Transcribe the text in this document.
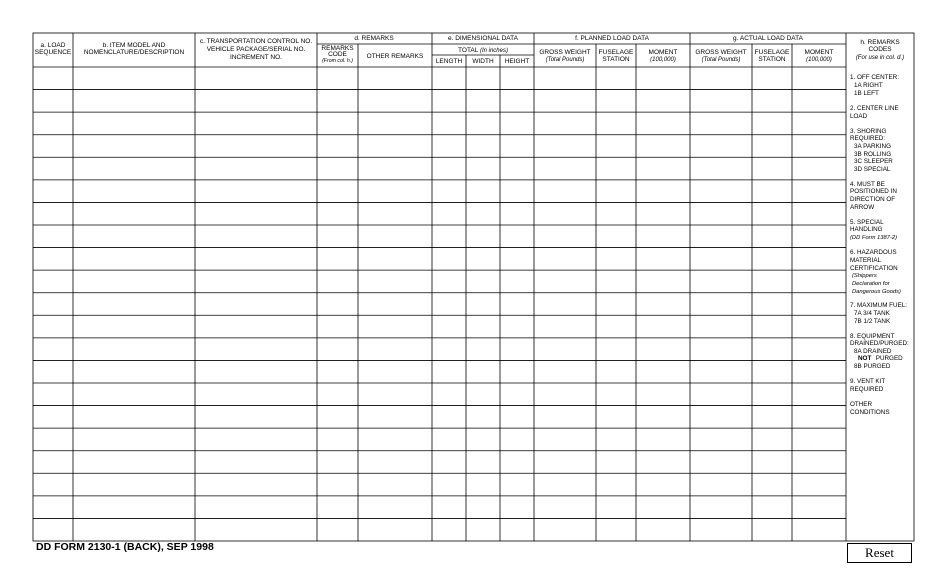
a. LOAD
SEQUENCE
b. ITEM MODEL AND
NOMENCLATURE/DESCRIPTION
c. TRANSPORTATION CONTROL NO.
VEHICLE PACKAGE/SERIAL NO.
INCREMENT NO.
d. REMARKS
REMARKS
CODE
(From col. h.)
OTHER REMARKS
e. DIMENSIONAL DATA
TOTAL (In inches)
LENGTH WIDTH HEIGHT
f. PLANNED LOAD DATA
GROSS WEIGHT
(Total Pounds)
FUSELAGE
STATION
MOMENT
(100,000)
g. ACTUAL LOAD DATA
GROSS WEIGHT
(Total Pounds)
FUSELAGE
STATION
MOMENT
(100,000)
h. REMARKS
CODES
(For use in col. d.)
1. OFF CENTER:
1A RIGHT
1B LEFT
2. CENTER LINE
LOAD
3. SHORING
REQUIRED:
3A PARKING
3B ROLLING
3C SLEEPER
3D SPECIAL
4. MUST BE
POSITIONED IN
DIRECTION OF
ARROW
5. SPECIAL
HANDLING
(DD Form 1387-2)
6. HAZARDOUS
MATERIAL
CERTIFICATION
(Shippers
Declaration for
Dangerous Goods)
7. MAXIMUM FUEL:
7A 3/4 TANK
7B 1/2 TANK
8. EQUIPMENT
DRAINED/PURGED:
8A DRAINED
NOT PURGED
8B PURGED
9. VENT KIT
REQUIRED
OTHER
CONDITIONS
DD FORM 2130-1 (BACK), SEP 1998	Reset
